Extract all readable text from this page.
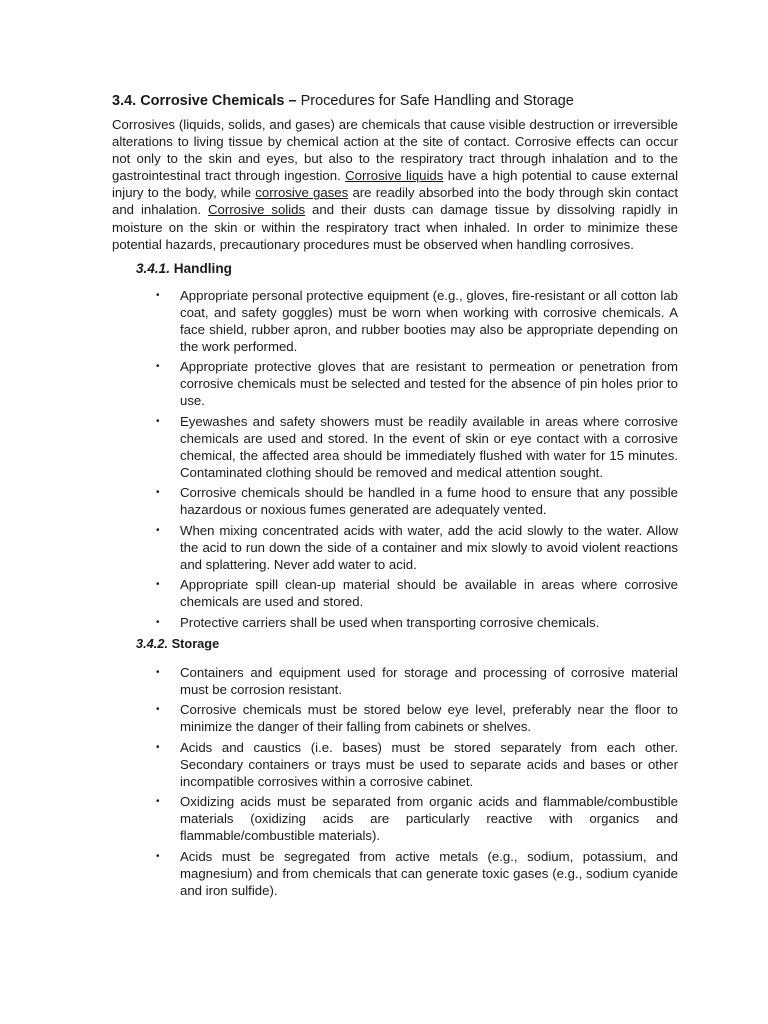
3.4. Corrosive Chemicals – Procedures for Safe Handling and Storage

Corrosives (liquids, solids, and gases) are chemicals that cause visible destruction or irreversible alterations to living tissue by chemical action at the site of contact. Corrosive effects can occur not only to the skin and eyes, but also to the respiratory tract through inhalation and to the gastrointestinal tract through ingestion. Corrosive liquids have a high potential to cause external injury to the body, while corrosive gases are readily absorbed into the body through skin contact and inhalation. Corrosive solids and their dusts can damage tissue by dissolving rapidly in moisture on the skin or within the respiratory tract when inhaled. In order to minimize these potential hazards, precautionary procedures must be observed when handling corrosives.

3.4.1. Handling
• Appropriate personal protective equipment (e.g., gloves, fire-resistant or all cotton lab coat, and safety goggles) must be worn when working with corrosive chemicals. A face shield, rubber apron, and rubber booties may also be appropriate depending on the work performed.
• Appropriate protective gloves that are resistant to permeation or penetration from corrosive chemicals must be selected and tested for the absence of pin holes prior to use.
• Eyewashes and safety showers must be readily available in areas where corrosive chemicals are used and stored. In the event of skin or eye contact with a corrosive chemical, the affected area should be immediately flushed with water for 15 minutes. Contaminated clothing should be removed and medical attention sought.
• Corrosive chemicals should be handled in a fume hood to ensure that any possible hazardous or noxious fumes generated are adequately vented.
• When mixing concentrated acids with water, add the acid slowly to the water. Allow the acid to run down the side of a container and mix slowly to avoid violent reactions and splattering. Never add water to acid.
• Appropriate spill clean-up material should be available in areas where corrosive chemicals are used and stored.
• Protective carriers shall be used when transporting corrosive chemicals.
3.4.2. Storage
• Containers and equipment used for storage and processing of corrosive material must be corrosion resistant.
• Corrosive chemicals must be stored below eye level, preferably near the floor to minimize the danger of their falling from cabinets or shelves.
• Acids and caustics (i.e. bases) must be stored separately from each other. Secondary containers or trays must be used to separate acids and bases or other incompatible corrosives within a corrosive cabinet.
• Oxidizing acids must be separated from organic acids and flammable/combustible materials (oxidizing acids are particularly reactive with organics and flammable/combustible materials).
• Acids must be segregated from active metals (e.g., sodium, potassium, and magnesium) and from chemicals that can generate toxic gases (e.g., sodium cyanide and iron sulfide).
